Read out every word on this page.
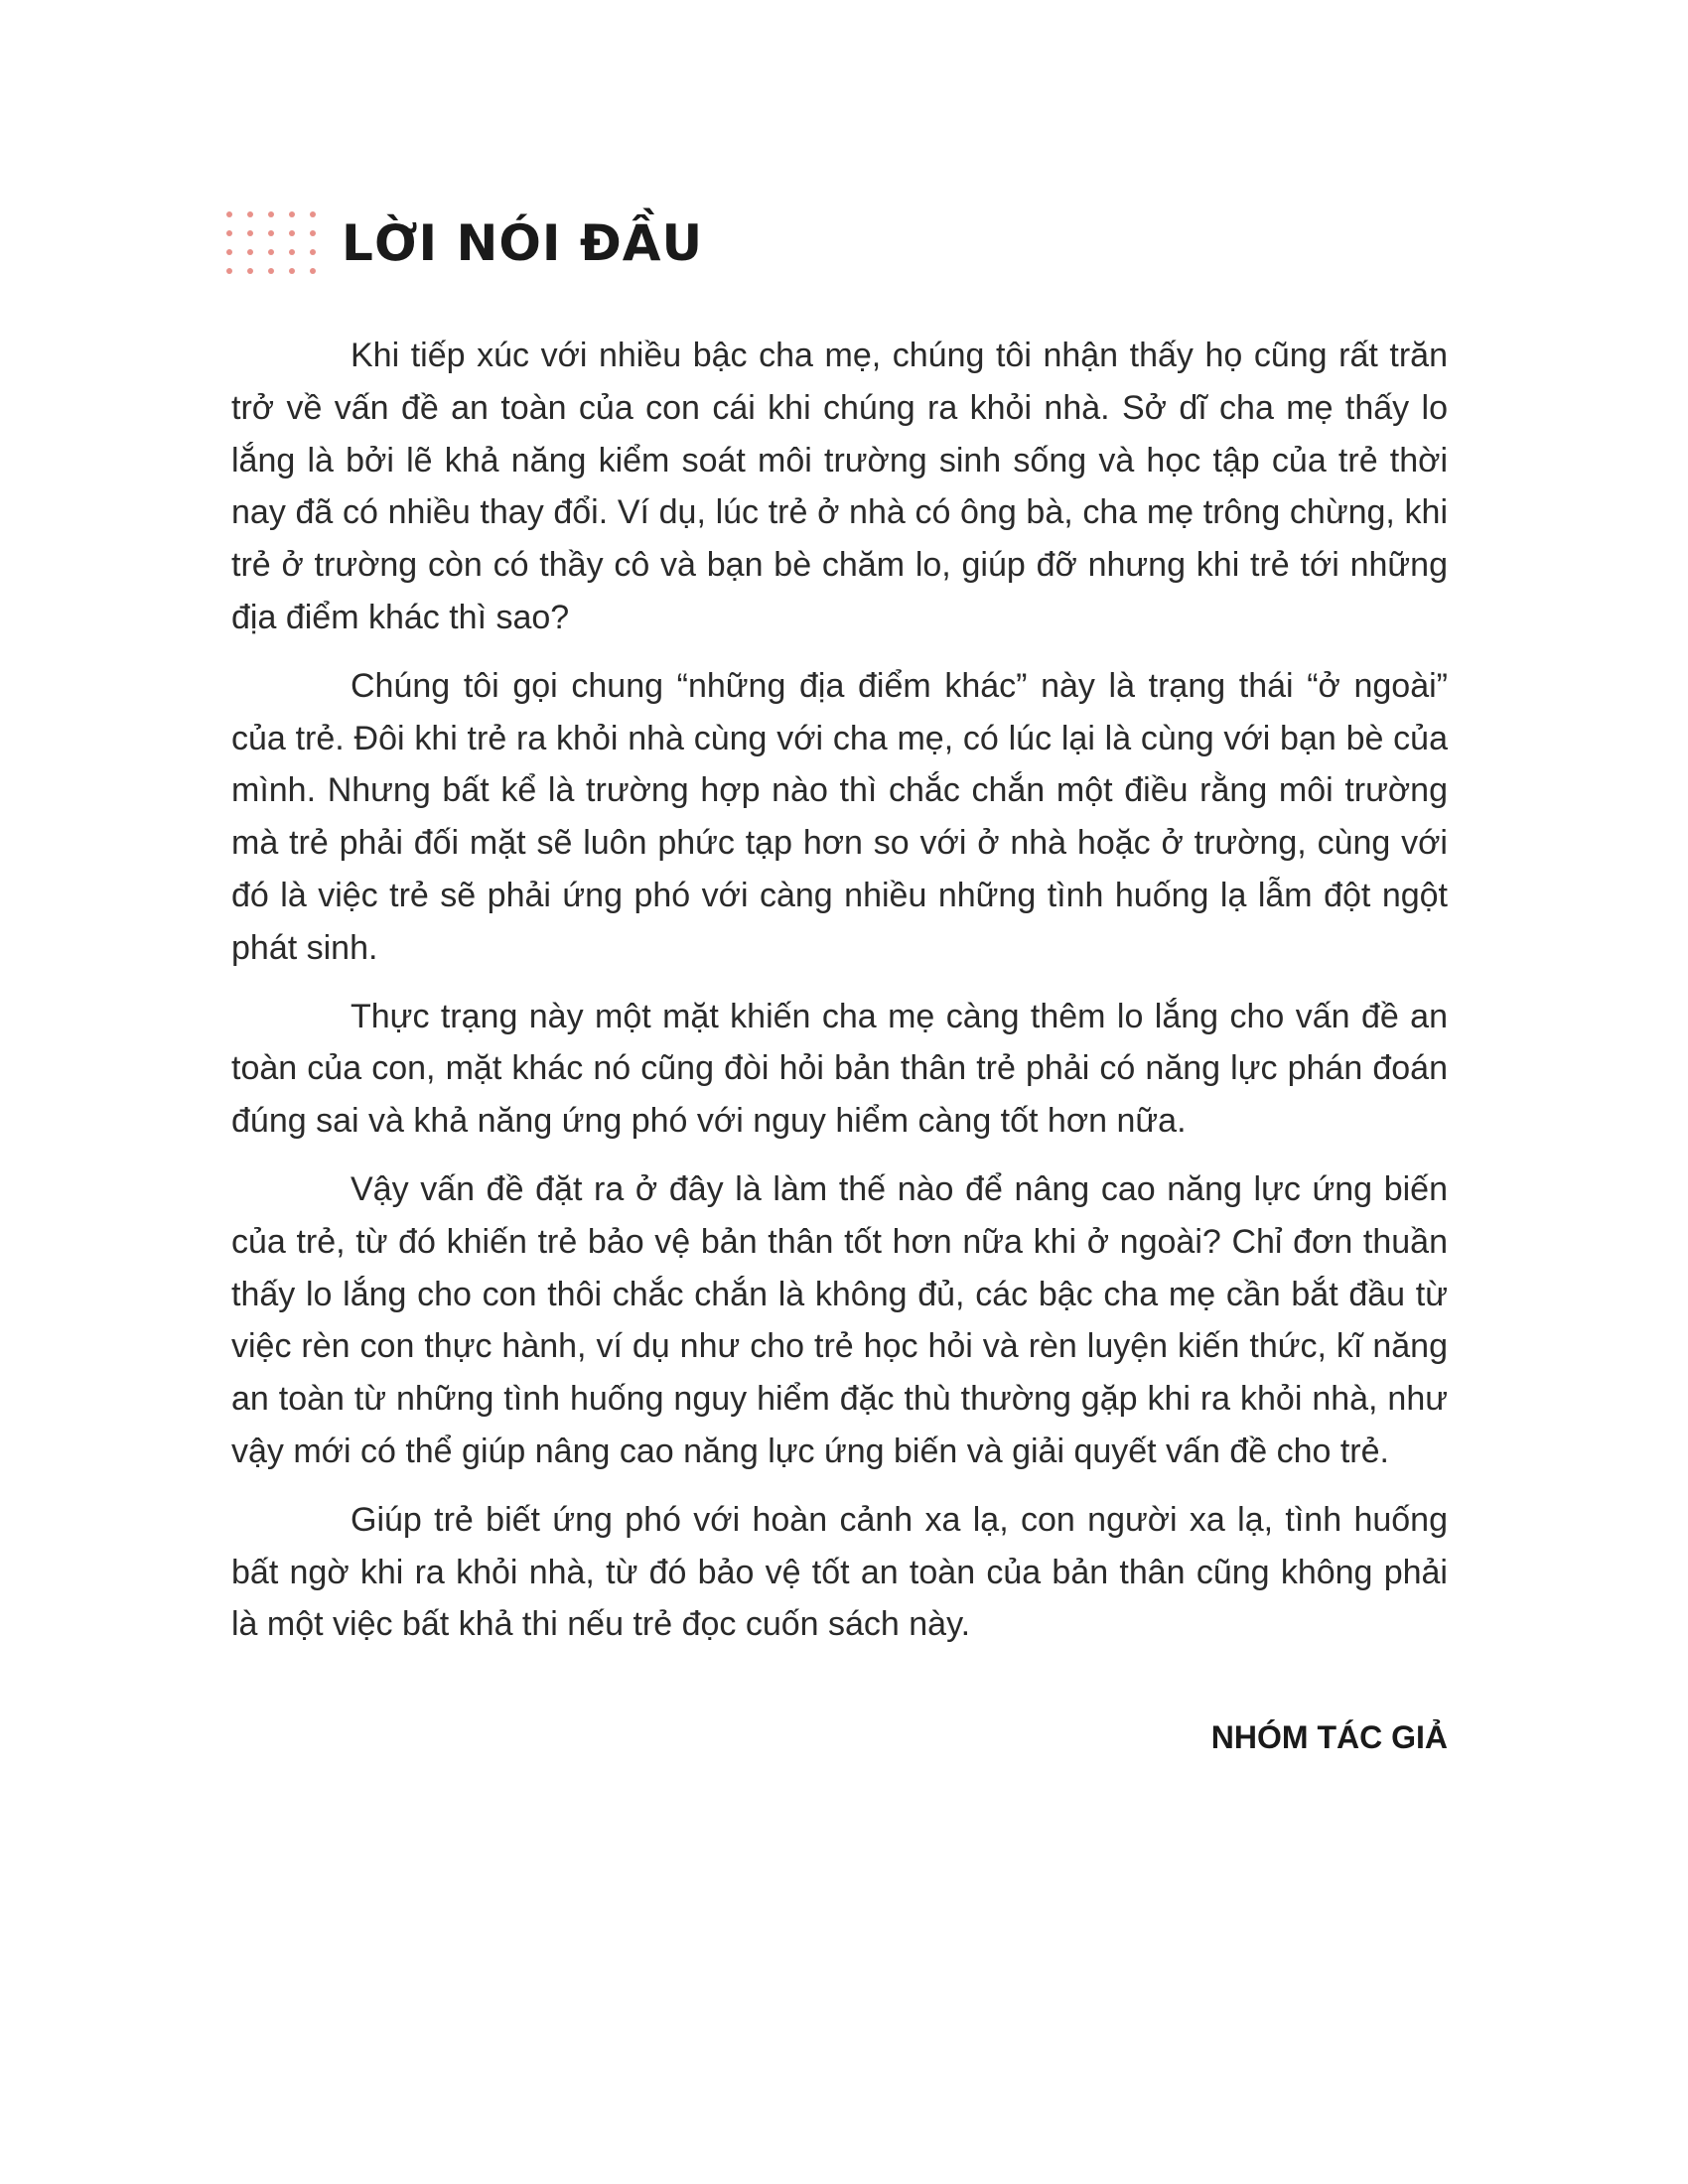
LỜI NÓI ĐẦU

Khi tiếp xúc với nhiều bậc cha mẹ, chúng tôi nhận thấy họ cũng rất trăn trở về vấn đề an toàn của con cái khi chúng ra khỏi nhà. Sở dĩ cha mẹ thấy lo lắng là bởi lẽ khả năng kiểm soát môi trường sinh sống và học tập của trẻ thời nay đã có nhiều thay đổi. Ví dụ, lúc trẻ ở nhà có ông bà, cha mẹ trông chừng, khi trẻ ở trường còn có thầy cô và bạn bè chăm lo, giúp đỡ nhưng khi trẻ tới những địa điểm khác thì sao?

Chúng tôi gọi chung “những địa điểm khác” này là trạng thái “ở ngoài” của trẻ. Đôi khi trẻ ra khỏi nhà cùng với cha mẹ, có lúc lại là cùng với bạn bè của mình. Nhưng bất kể là trường hợp nào thì chắc chắn một điều rằng môi trường mà trẻ phải đối mặt sẽ luôn phức tạp hơn so với ở nhà hoặc ở trường, cùng với đó là việc trẻ sẽ phải ứng phó với càng nhiều những tình huống lạ lẫm đột ngột phát sinh.

Thực trạng này một mặt khiến cha mẹ càng thêm lo lắng cho vấn đề an toàn của con, mặt khác nó cũng đòi hỏi bản thân trẻ phải có năng lực phán đoán đúng sai và khả năng ứng phó với nguy hiểm càng tốt hơn nữa.

Vậy vấn đề đặt ra ở đây là làm thế nào để nâng cao năng lực ứng biến của trẻ, từ đó khiến trẻ bảo vệ bản thân tốt hơn nữa khi ở ngoài? Chỉ đơn thuần thấy lo lắng cho con thôi chắc chắn là không đủ, các bậc cha mẹ cần bắt đầu từ việc rèn con thực hành, ví dụ như cho trẻ học hỏi và rèn luyện kiến thức, kĩ năng an toàn từ những tình huống nguy hiểm đặc thù thường gặp khi ra khỏi nhà, như vậy mới có thể giúp nâng cao năng lực ứng biến và giải quyết vấn đề cho trẻ.

Giúp trẻ biết ứng phó với hoàn cảnh xa lạ, con người xa lạ, tình huống bất ngờ khi ra khỏi nhà, từ đó bảo vệ tốt an toàn của bản thân cũng không phải là một việc bất khả thi nếu trẻ đọc cuốn sách này.

NHÓM TÁC GIẢ
